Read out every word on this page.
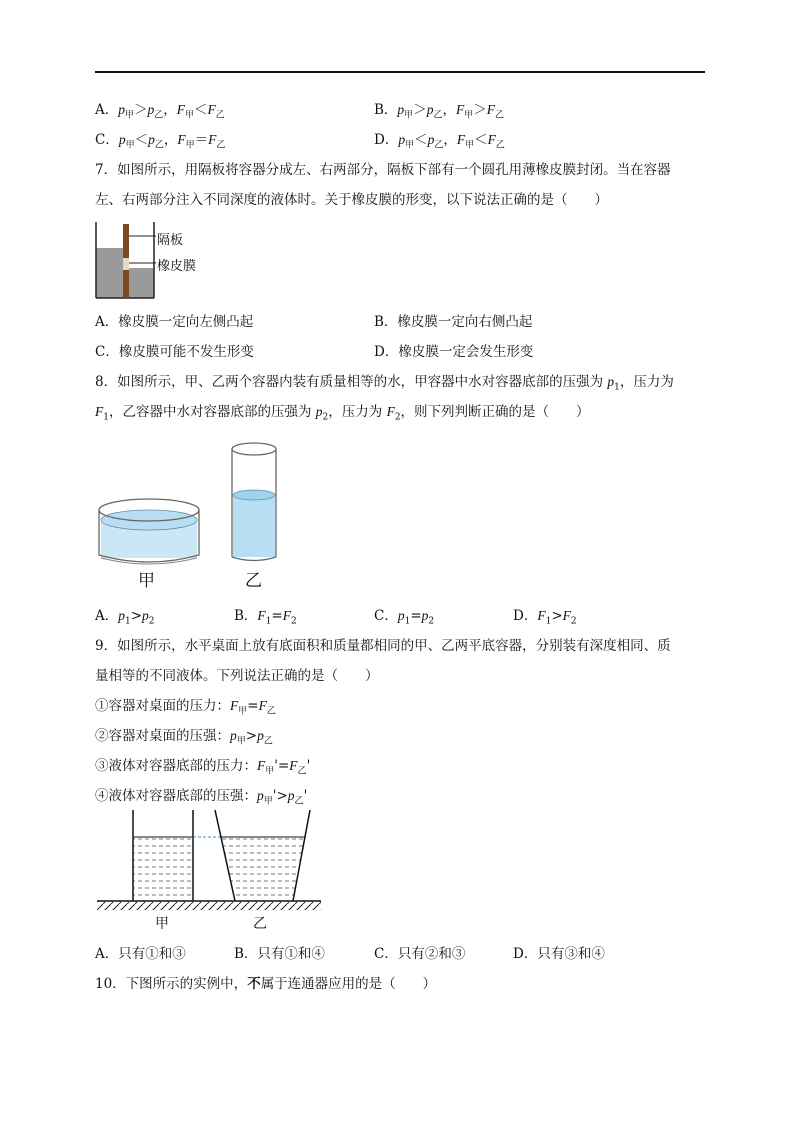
A．$p_甲>p_乙$，$F_甲<F_乙$	B．$p_甲>p_乙$，$F_甲>F_乙$
C．$p_甲<p_乙$，$F_甲=F_乙$	D．$p_甲<p_乙$，$F_甲<F_乙$
7．如图所示，用隔板将容器分成左、右两部分，隔板下部有一个圆孔用薄橡皮膜封闭。当在容器
左、右两部分注入不同深度的液体时。关于橡皮膜的形变，以下说法正确的是（　　）
隔板
橡皮膜
A．橡皮膜一定向左侧凸起	B．橡皮膜一定向右侧凸起
C．橡皮膜可能不发生形变	D．橡皮膜一定会发生形变
8．如图所示，甲、乙两个容器内装有质量相等的水，甲容器中水对容器底部的压强为 $p_1$，压力为
$F_1$，乙容器中水对容器底部的压强为 $p_2$，压力为 $F_2$，则下列判断正确的是（　　）
甲	乙
A．$p_1>p_2$	B．$F_1=F_2$	C．$p_1=p_2$	D．$F_1>F_2$
9．如图所示，水平桌面上放有底面积和质量都相同的甲、乙两平底容器，分别装有深度相同、质
量相等的不同液体。下列说法正确的是（　　）
①容器对桌面的压力：$F_甲=F_乙$
②容器对桌面的压强：$p_甲>p_乙$
③液体对容器底部的压力：$F_甲'=F_乙'$
④液体对容器底部的压强：$p_甲'>p_乙'$
甲	乙
A．只有①和③	B．只有①和④	C．只有②和③	D．只有③和④
10．下图所示的实例中，不属于连通器应用的是（　　）
